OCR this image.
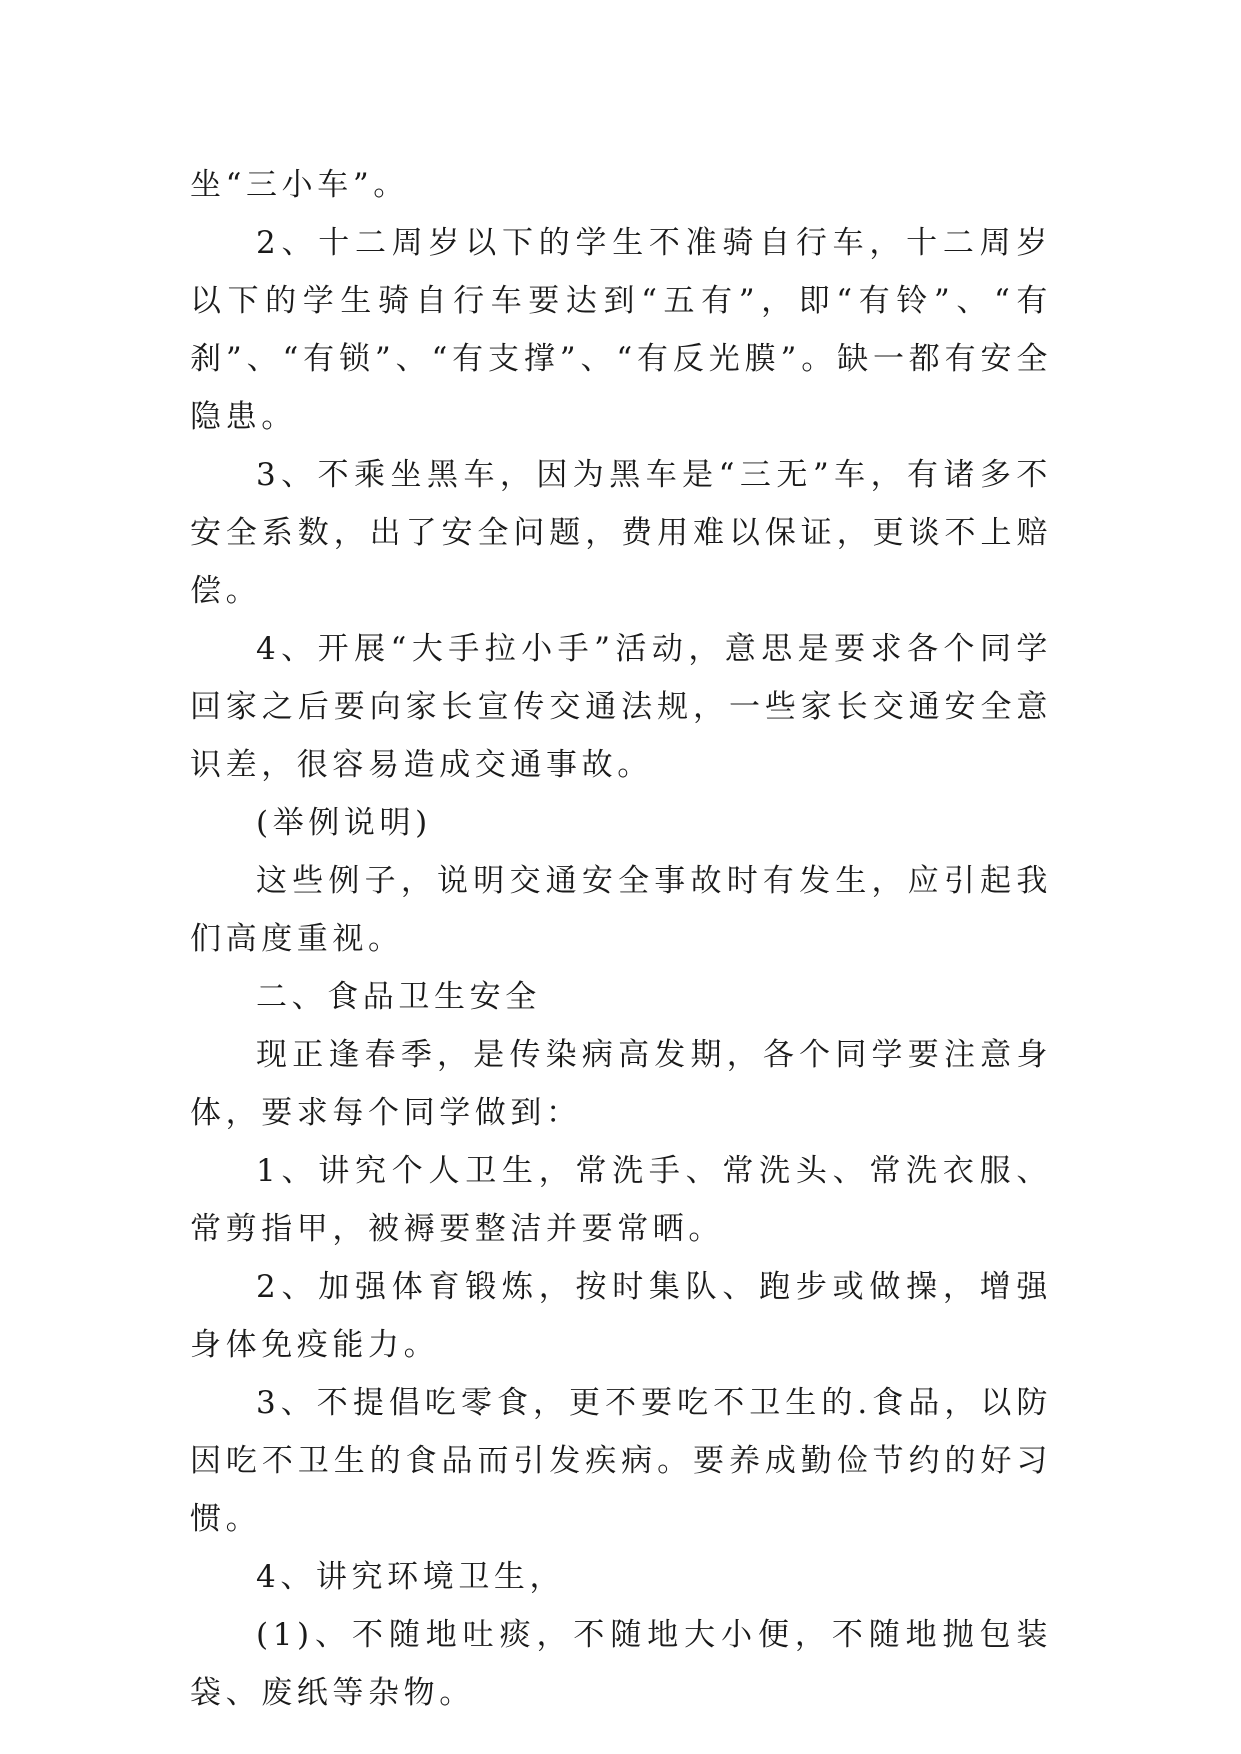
坐“三小车”。

2、十二周岁以下的学生不准骑自行车，十二周岁以下的学生骑自行车要达到“五有”，即“有铃”、“有刹”、“有锁”、“有支撑”、“有反光膜”。缺一都有安全隐患。

3、不乘坐黑车，因为黑车是“三无”车，有诸多不安全系数，出了安全问题，费用难以保证，更谈不上赔偿。

4、开展“大手拉小手”活动，意思是要求各个同学回家之后要向家长宣传交通法规，一些家长交通安全意识差，很容易造成交通事故。

(举例说明)

这些例子，说明交通安全事故时有发生，应引起我们高度重视。

二、食品卫生安全

现正逢春季，是传染病高发期，各个同学要注意身体，要求每个同学做到：

1、讲究个人卫生，常洗手、常洗头、常洗衣服、常剪指甲，被褥要整洁并要常晒。

2、加强体育锻炼，按时集队、跑步或做操，增强身体免疫能力。

3、不提倡吃零食，更不要吃不卫生的.食品，以防因吃不卫生的食品而引发疾病。要养成勤俭节约的好习惯。

4、讲究环境卫生，

(1)、不随地吐痰，不随地大小便，不随地抛包装袋、废纸等杂物。
